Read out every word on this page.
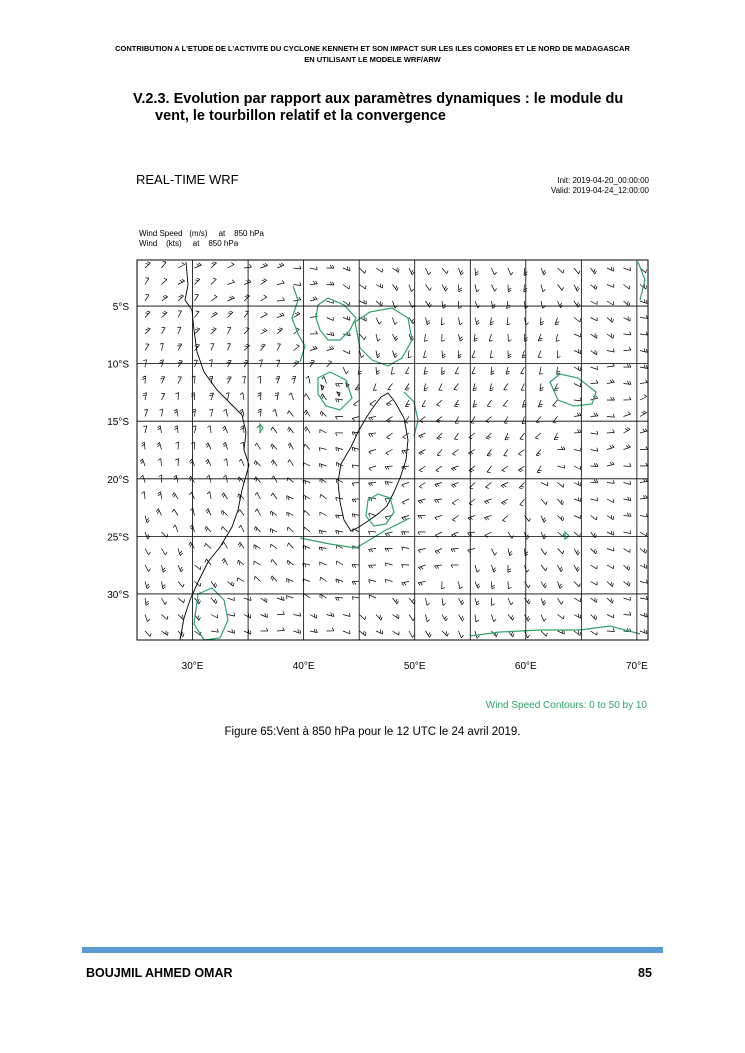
CONTRIBUTION A L’ETUDE DE L’ACTIVITE DU CYCLONE KENNETH ET SON IMPACT SUR LES ILES COMORES ET LE NORD DE MADAGASCAR
EN UTILISANT LE MODELE WRF/ARW
V.2.3. Evolution par rapport aux paramètres dynamiques : le module du
vent, le tourbillon relatif et la convergence
REAL-TIME WRF	Init: 2019-04-20_00:00:00
Valid: 2019-04-24_12:00:00
Wind Speed   (m/s)     at    850 hPa
Wind    (kts)     at    850 hPa
30°E	40°E	50°E	60°E	70°E
5°S
10°S
15°S
20°S
25°S
30°S
Wind Speed Contours: 0 to 50 by 10
Figure 65:Vent à 850 hPa pour le 12 UTC le 24 avril 2019.
BOUJMIL AHMED OMAR	85
